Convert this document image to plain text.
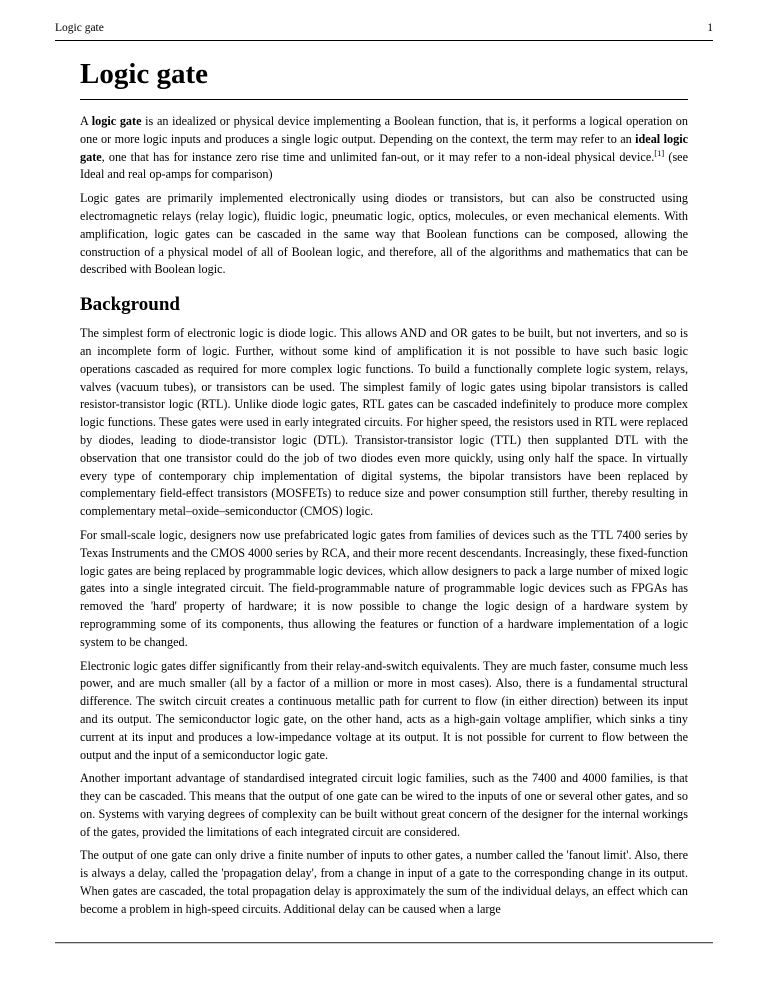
Logic gate	1
Logic gate

A logic gate is an idealized or physical device implementing a Boolean function, that is, it performs a logical operation on one or more logic inputs and produces a single logic output. Depending on the context, the term may refer to an ideal logic gate, one that has for instance zero rise time and unlimited fan-out, or it may refer to a non-ideal physical device.[1] (see Ideal and real op-amps for comparison)

Logic gates are primarily implemented electronically using diodes or transistors, but can also be constructed using electromagnetic relays (relay logic), fluidic logic, pneumatic logic, optics, molecules, or even mechanical elements. With amplification, logic gates can be cascaded in the same way that Boolean functions can be composed, allowing the construction of a physical model of all of Boolean logic, and therefore, all of the algorithms and mathematics that can be described with Boolean logic.

Background

The simplest form of electronic logic is diode logic. This allows AND and OR gates to be built, but not inverters, and so is an incomplete form of logic. Further, without some kind of amplification it is not possible to have such basic logic operations cascaded as required for more complex logic functions. To build a functionally complete logic system, relays, valves (vacuum tubes), or transistors can be used. The simplest family of logic gates using bipolar transistors is called resistor-transistor logic (RTL). Unlike diode logic gates, RTL gates can be cascaded indefinitely to produce more complex logic functions. These gates were used in early integrated circuits. For higher speed, the resistors used in RTL were replaced by diodes, leading to diode-transistor logic (DTL). Transistor-transistor logic (TTL) then supplanted DTL with the observation that one transistor could do the job of two diodes even more quickly, using only half the space. In virtually every type of contemporary chip implementation of digital systems, the bipolar transistors have been replaced by complementary field-effect transistors (MOSFETs) to reduce size and power consumption still further, thereby resulting in complementary metal–oxide–semiconductor (CMOS) logic.

For small-scale logic, designers now use prefabricated logic gates from families of devices such as the TTL 7400 series by Texas Instruments and the CMOS 4000 series by RCA, and their more recent descendants. Increasingly, these fixed-function logic gates are being replaced by programmable logic devices, which allow designers to pack a large number of mixed logic gates into a single integrated circuit. The field-programmable nature of programmable logic devices such as FPGAs has removed the 'hard' property of hardware; it is now possible to change the logic design of a hardware system by reprogramming some of its components, thus allowing the features or function of a hardware implementation of a logic system to be changed.

Electronic logic gates differ significantly from their relay-and-switch equivalents. They are much faster, consume much less power, and are much smaller (all by a factor of a million or more in most cases). Also, there is a fundamental structural difference. The switch circuit creates a continuous metallic path for current to flow (in either direction) between its input and its output. The semiconductor logic gate, on the other hand, acts as a high-gain voltage amplifier, which sinks a tiny current at its input and produces a low-impedance voltage at its output. It is not possible for current to flow between the output and the input of a semiconductor logic gate.

Another important advantage of standardised integrated circuit logic families, such as the 7400 and 4000 families, is that they can be cascaded. This means that the output of one gate can be wired to the inputs of one or several other gates, and so on. Systems with varying degrees of complexity can be built without great concern of the designer for the internal workings of the gates, provided the limitations of each integrated circuit are considered.

The output of one gate can only drive a finite number of inputs to other gates, a number called the 'fanout limit'. Also, there is always a delay, called the 'propagation delay', from a change in input of a gate to the corresponding change in its output. When gates are cascaded, the total propagation delay is approximately the sum of the individual delays, an effect which can become a problem in high-speed circuits. Additional delay can be caused when a large
